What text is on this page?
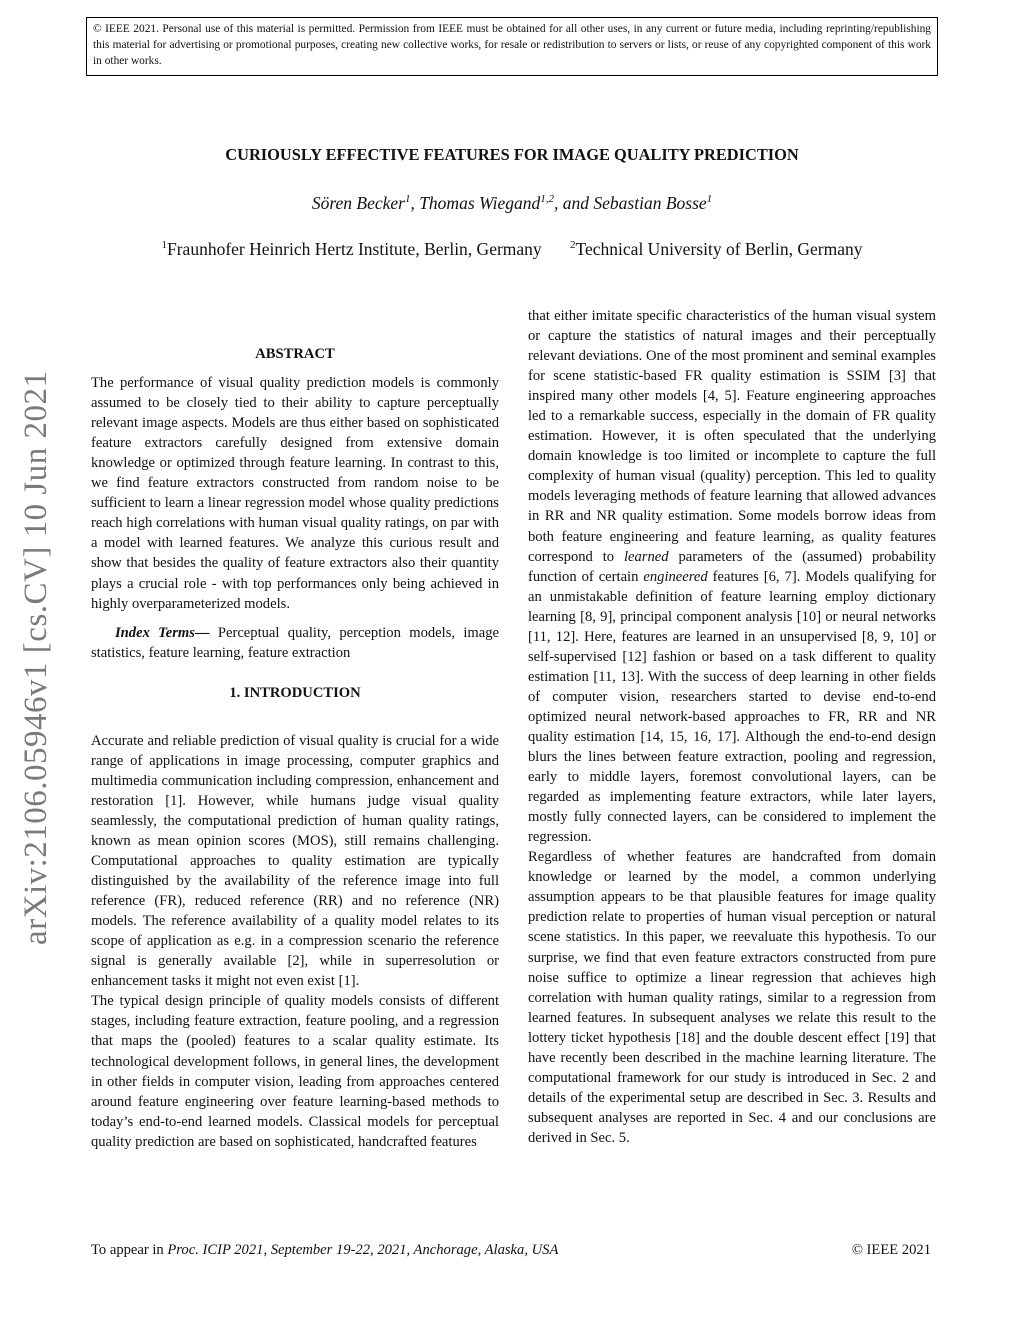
© IEEE 2021. Personal use of this material is permitted. Permission from IEEE must be obtained for all other uses, in any current or future media, including reprinting/republishing this material for advertising or promotional purposes, creating new collective works, for resale or redistribution to servers or lists, or reuse of any copyrighted component of this work in other works.
arXiv:2106.05946v1 [cs.CV] 10 Jun 2021
CURIOUSLY EFFECTIVE FEATURES FOR IMAGE QUALITY PREDICTION
Sören Becker$^1$, Thomas Wiegand$^{1,2}$, and Sebastian Bosse$^1$
$^1$Fraunhofer Heinrich Hertz Institute, Berlin, Germany	$^2$Technical University of Berlin, Germany
ABSTRACT

The performance of visual quality prediction models is commonly assumed to be closely tied to their ability to capture perceptually relevant image aspects. Models are thus either based on sophisticated feature extractors carefully designed from extensive domain knowledge or optimized through feature learning. In contrast to this, we find feature extractors constructed from random noise to be sufficient to learn a linear regression model whose quality predictions reach high correlations with human visual quality ratings, on par with a model with learned features. We analyze this curious result and show that besides the quality of feature extractors also their quantity plays a crucial role - with top performances only being achieved in highly overparameterized models.

Index Terms— Perceptual quality, perception models, image statistics, feature learning, feature extraction

1. INTRODUCTION

Accurate and reliable prediction of visual quality is crucial for a wide range of applications in image processing, computer graphics and multimedia communication including compression, enhancement and restoration [1]. However, while humans judge visual quality seamlessly, the computational prediction of human quality ratings, known as mean opinion scores (MOS), still remains challenging. Computational approaches to quality estimation are typically distinguished by the availability of the reference image into full reference (FR), reduced reference (RR) and no reference (NR) models. The reference availability of a quality model relates to its scope of application as e.g. in a compression scenario the reference signal is generally available [2], while in superresolution or enhancement tasks it might not even exist [1].

The typical design principle of quality models consists of different stages, including feature extraction, feature pooling, and a regression that maps the (pooled) features to a scalar quality estimate. Its technological development follows, in general lines, the development in other fields in computer vision, leading from approaches centered around feature engineering over feature learning-based methods to today’s end-to-end learned models. Classical models for perceptual quality prediction are based on sophisticated, handcrafted features

that either imitate specific characteristics of the human visual system or capture the statistics of natural images and their perceptually relevant deviations. One of the most prominent and seminal examples for scene statistic-based FR quality estimation is SSIM [3] that inspired many other models [4, 5]. Feature engineering approaches led to a remarkable success, especially in the domain of FR quality estimation. However, it is often speculated that the underlying domain knowledge is too limited or incomplete to capture the full complexity of human visual (quality) perception. This led to quality models leveraging methods of feature learning that allowed advances in RR and NR quality estimation. Some models borrow ideas from both feature engineering and feature learning, as quality features correspond to learned parameters of the (assumed) probability function of certain engineered features [6, 7]. Models qualifying for an unmistakable definition of feature learning employ dictionary learning [8, 9], principal component analysis [10] or neural networks [11, 12]. Here, features are learned in an unsupervised [8, 9, 10] or self-supervised [12] fashion or based on a task different to quality estimation [11, 13]. With the success of deep learning in other fields of computer vision, researchers started to devise end-to-end optimized neural network-based approaches to FR, RR and NR quality estimation [14, 15, 16, 17]. Although the end-to-end design blurs the lines between feature extraction, pooling and regression, early to middle layers, foremost convolutional layers, can be regarded as implementing feature extractors, while later layers, mostly fully connected layers, can be considered to implement the regression.

Regardless of whether features are handcrafted from domain knowledge or learned by the model, a common underlying assumption appears to be that plausible features for image quality prediction relate to properties of human visual perception or natural scene statistics. In this paper, we reevaluate this hypothesis. To our surprise, we find that even feature extractors constructed from pure noise suffice to optimize a linear regression that achieves high correlation with human quality ratings, similar to a regression from learned features. In subsequent analyses we relate this result to the lottery ticket hypothesis [18] and the double descent effect [19] that have recently been described in the machine learning literature. The computational framework for our study is introduced in Sec. 2 and details of the experimental setup are described in Sec. 3. Results and subsequent analyses are reported in Sec. 4 and our conclusions are derived in Sec. 5.

To appear in Proc. ICIP 2021, September 19-22, 2021, Anchorage, Alaska, USA	© IEEE 2021
